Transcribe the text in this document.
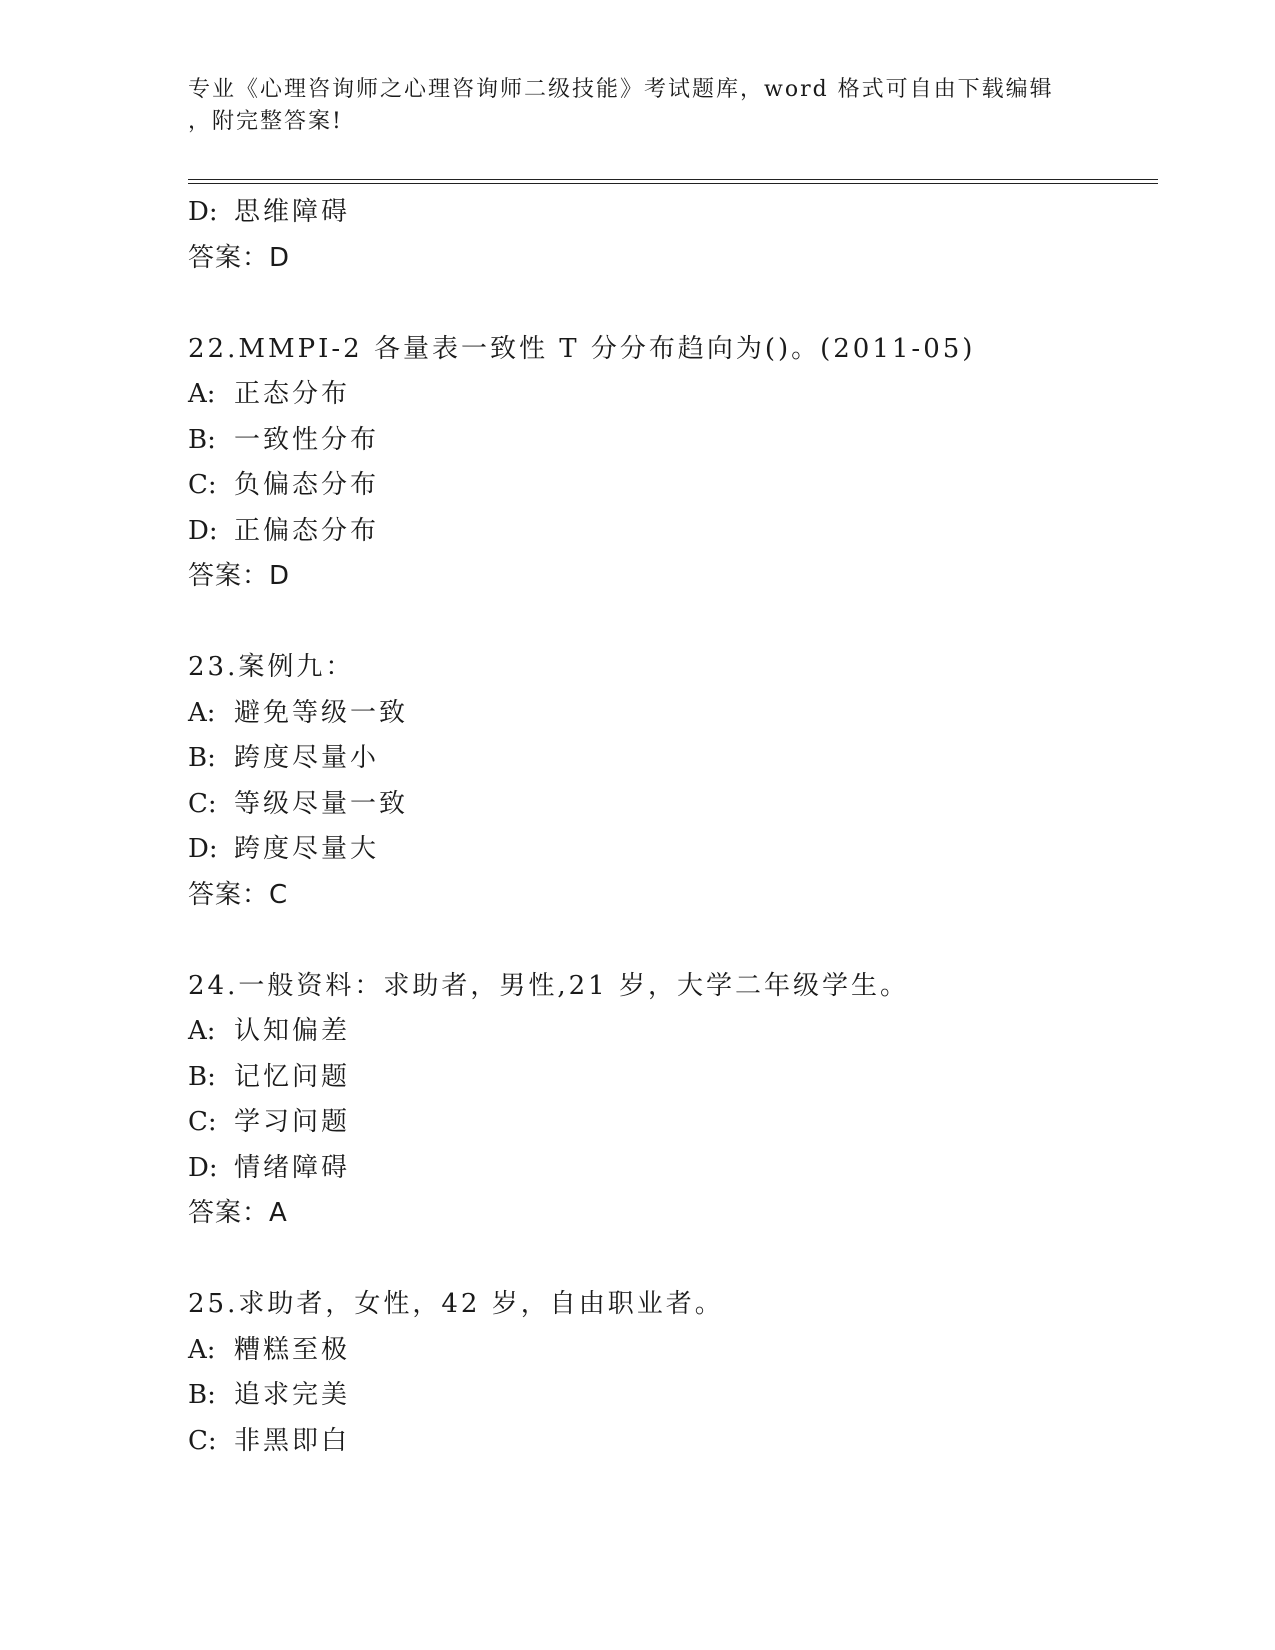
专业《心理咨询师之心理咨询师二级技能》考试题库，word 格式可自由下载编辑
，附完整答案!
D: 思维障碍
答案：D
22.MMPI-2 各量表一致性 T 分分布趋向为()。(2011-05)
A: 正态分布
B: 一致性分布
C: 负偏态分布
D: 正偏态分布
答案：D
23.案例九：
A: 避免等级一致
B: 跨度尽量小
C: 等级尽量一致
D: 跨度尽量大
答案：C
24.一般资料：求助者，男性,21 岁，大学二年级学生。
A: 认知偏差
B: 记忆问题
C: 学习问题
D: 情绪障碍
答案：A
25.求助者，女性，42 岁，自由职业者。
A: 糟糕至极
B: 追求完美
C: 非黑即白
